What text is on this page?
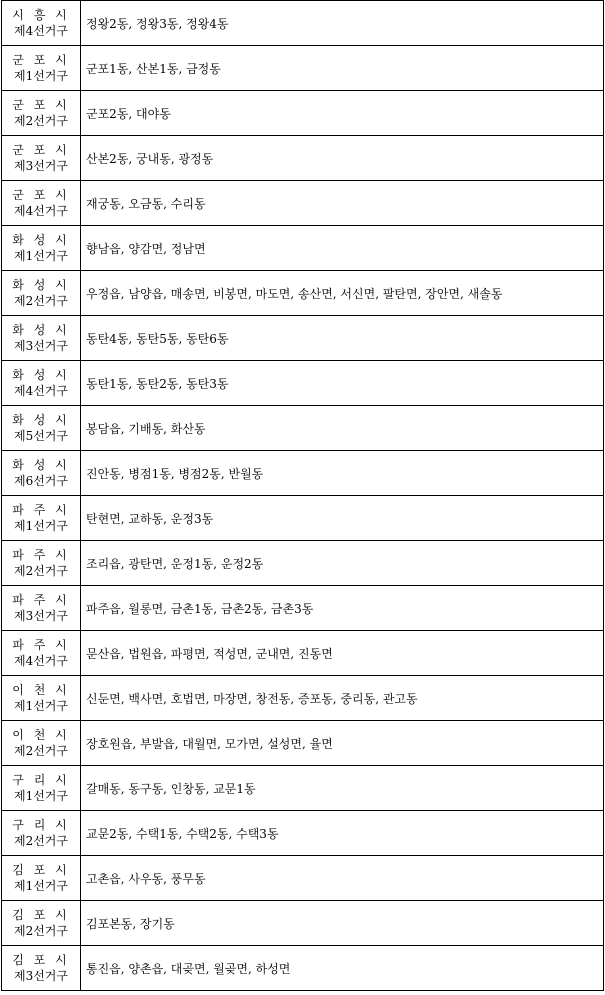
시 흥 시
제4선거구	정왕2동, 정왕3동, 정왕4동

군 포 시
제1선거구	군포1동, 산본1동, 금정동

군 포 시
제2선거구	군포2동, 대야동

군 포 시
제3선거구	산본2동, 궁내동, 광정동

군 포 시
제4선거구	재궁동, 오금동, 수리동

화 성 시
제1선거구	향남읍, 양감면, 정남면

화 성 시
제2선거구	우정읍, 남양읍, 매송면, 비봉면, 마도면, 송산면, 서신면, 팔탄면, 장안면, 새솔동

화 성 시
제3선거구	동탄4동, 동탄5동, 동탄6동

화 성 시
제4선거구	동탄1동, 동탄2동, 동탄3동

화 성 시
제5선거구	봉담읍, 기배동, 화산동

화 성 시
제6선거구	진안동, 병점1동, 병점2동, 반월동

파 주 시
제1선거구	탄현면, 교하동, 운정3동

파 주 시
제2선거구	조리읍, 광탄면, 운정1동, 운정2동

파 주 시
제3선거구	파주읍, 월롱면, 금촌1동, 금촌2동, 금촌3동

파 주 시
제4선거구	문산읍, 법원읍, 파평면, 적성면, 군내면, 진동면

이 천 시
제1선거구	신둔면, 백사면, 호법면, 마장면, 창전동, 증포동, 중리동, 관고동

이 천 시
제2선거구	장호원읍, 부발읍, 대월면, 모가면, 설성면, 율면

구 리 시
제1선거구	갈매동, 동구동, 인창동, 교문1동

구 리 시
제2선거구	교문2동, 수택1동, 수택2동, 수택3동

김 포 시
제1선거구	고촌읍, 사우동, 풍무동

김 포 시
제2선거구	김포본동, 장기동

김 포 시
제3선거구	통진읍, 양촌읍, 대곶면, 월곶면, 하성면
